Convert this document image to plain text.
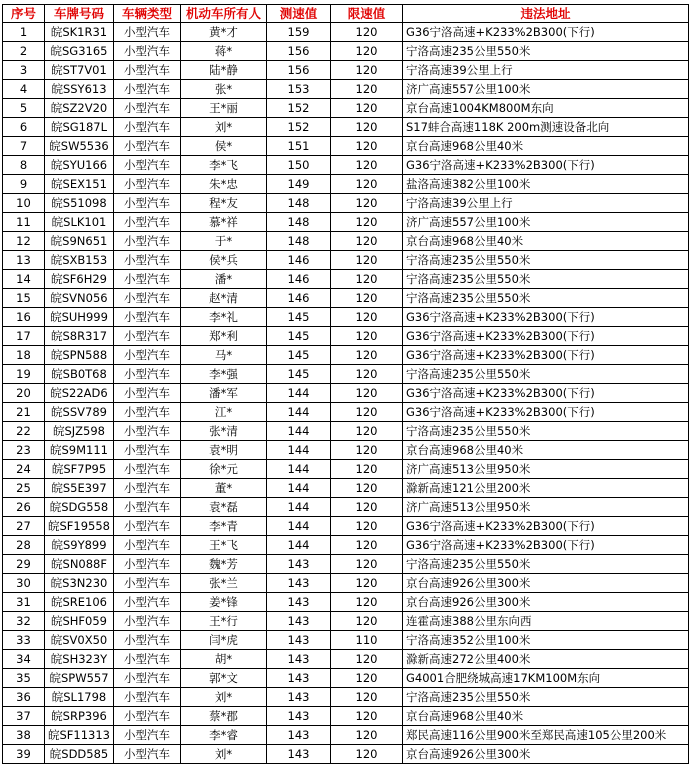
序号	车牌号码	车辆类型	机动车所有人	测速值	限速值	违法地址
1	皖SK1R31	小型汽车	黄*才	159	120	G36宁洛高速+K233%2B300(下行)
2	皖SG3165	小型汽车	蒋*	156	120	宁洛高速235公里550米
3	皖ST7V01	小型汽车	陆*静	156	120	宁洛高速39公里上行
4	皖SSY613	小型汽车	张*	153	120	济广高速557公里100米
5	皖SZ2V20	小型汽车	王*丽	152	120	京台高速1004KM800M东向
6	皖SG187L	小型汽车	刘*	152	120	S17蚌合高速118K 200m测速设备北向
7	皖SW5536	小型汽车	侯*	151	120	京台高速968公里40米
8	皖SYU166	小型汽车	李*飞	150	120	G36宁洛高速+K233%2B300(下行)
9	皖SEX151	小型汽车	朱*忠	149	120	盐洛高速382公里100米
10	皖S51098	小型汽车	程*友	148	120	宁洛高速39公里上行
11	皖SLK101	小型汽车	慕*祥	148	120	济广高速557公里100米
12	皖S9N651	小型汽车	于*	148	120	京台高速968公里40米
13	皖SXB153	小型汽车	侯*兵	146	120	宁洛高速235公里550米
14	皖SF6H29	小型汽车	潘*	146	120	宁洛高速235公里550米
15	皖SVN056	小型汽车	赵*清	146	120	宁洛高速235公里550米
16	皖SUH999	小型汽车	李*礼	145	120	G36宁洛高速+K233%2B300(下行)
17	皖S8R317	小型汽车	郑*利	145	120	G36宁洛高速+K233%2B300(下行)
18	皖SPN588	小型汽车	马*	145	120	G36宁洛高速+K233%2B300(下行)
19	皖SB0T68	小型汽车	李*强	145	120	宁洛高速235公里550米
20	皖S22AD6	小型汽车	潘*军	144	120	G36宁洛高速+K233%2B300(下行)
21	皖SSV789	小型汽车	江*	144	120	G36宁洛高速+K233%2B300(下行)
22	皖SJZ598	小型汽车	张*清	144	120	宁洛高速235公里550米
23	皖S9M111	小型汽车	袁*明	144	120	京台高速968公里40米
24	皖SF7P95	小型汽车	徐*元	144	120	济广高速513公里950米
25	皖S5E397	小型汽车	董*	144	120	滁新高速121公里200米
26	皖SDG558	小型汽车	袁*磊	144	120	济广高速513公里950米
27	皖SF19558	小型汽车	李*青	144	120	G36宁洛高速+K233%2B300(下行)
28	皖S9Y899	小型汽车	王*飞	144	120	G36宁洛高速+K233%2B300(下行)
29	皖SN088F	小型汽车	魏*芳	143	120	宁洛高速235公里550米
30	皖S3N230	小型汽车	张*兰	143	120	京台高速926公里300米
31	皖SRE106	小型汽车	姜*锋	143	120	京台高速926公里300米
32	皖SHF059	小型汽车	王*行	143	120	连霍高速388公里东向西
33	皖SV0X50	小型汽车	闫*虎	143	110	宁洛高速352公里100米
34	皖SH323Y	小型汽车	胡*	143	120	滁新高速272公里400米
35	皖SPW557	小型汽车	郭*文	143	120	G4001合肥绕城高速17KM100M东向
36	皖SL1798	小型汽车	刘*	143	120	宁洛高速235公里550米
37	皖SRP396	小型汽车	蔡*郡	143	120	京台高速968公里40米
38	皖SF11313	小型汽车	李*睿	143	120	郑民高速116公里900米至郑民高速105公里200米
39	皖SDD585	小型汽车	刘*	143	120	京台高速926公里300米
